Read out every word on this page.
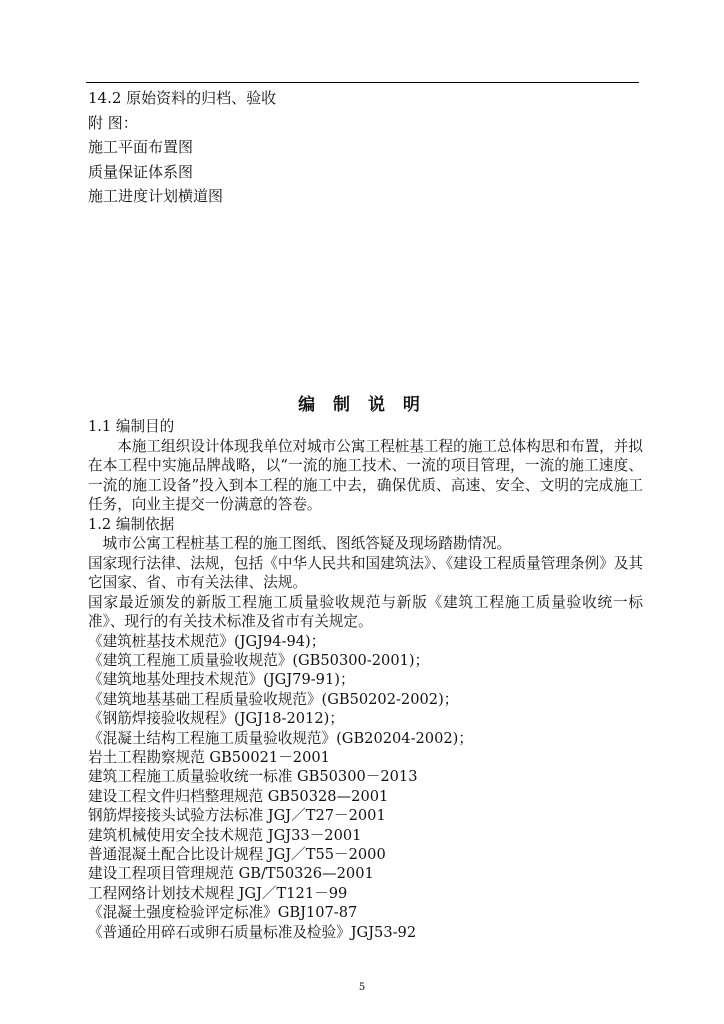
14.2 原始资料的归档、验收
附 图：
施工平面布置图
质量保证体系图
施工进度计划横道图
编 制 说 明
1.1 编制目的
本施工组织设计体现我单位对城市公寓工程桩基工程的施工总体构思和布置，并拟在本工程中实施品牌战略，以“一流的施工技术、一流的项目管理，一流的施工速度、一流的施工设备”投入到本工程的施工中去，确保优质、高速、安全、文明的完成施工任务，向业主提交一份满意的答卷。
1.2 编制依据
城市公寓工程桩基工程的施工图纸、图纸答疑及现场踏勘情况。
国家现行法律、法规，包括《中华人民共和国建筑法》、《建设工程质量管理条例》及其它国家、省、市有关法律、法规。
国家最近颁发的新版工程施工质量验收规范与新版《建筑工程施工质量验收统一标准》、现行的有关技术标准及省市有关规定。
《建筑桩基技术规范》(JGJ94-94)；
《建筑工程施工质量验收规范》(GB50300-2001)；
《建筑地基处理技术规范》(JGJ79-91)；
《建筑地基基础工程质量验收规范》(GB50202-2002)；
《钢筋焊接验收规程》(JGJ18-2012)；
《混凝土结构工程施工质量验收规范》(GB20204-2002)；
岩土工程勘察规范 GB50021－2001
建筑工程施工质量验收统一标准 GB50300－2013
建设工程文件归档整理规范 GB50328—2001
钢筋焊接接头试验方法标准 JGJ／T27－2001
建筑机械使用安全技术规范 JGJ33－2001
普通混凝土配合比设计规程 JGJ／T55－2000
建设工程项目管理规范 GB/T50326—2001
工程网络计划技术规程 JGJ／T121－99
《混凝土强度检验评定标准》GBJ107-87
《普通砼用碎石或卵石质量标准及检验》JGJ53-92
5
